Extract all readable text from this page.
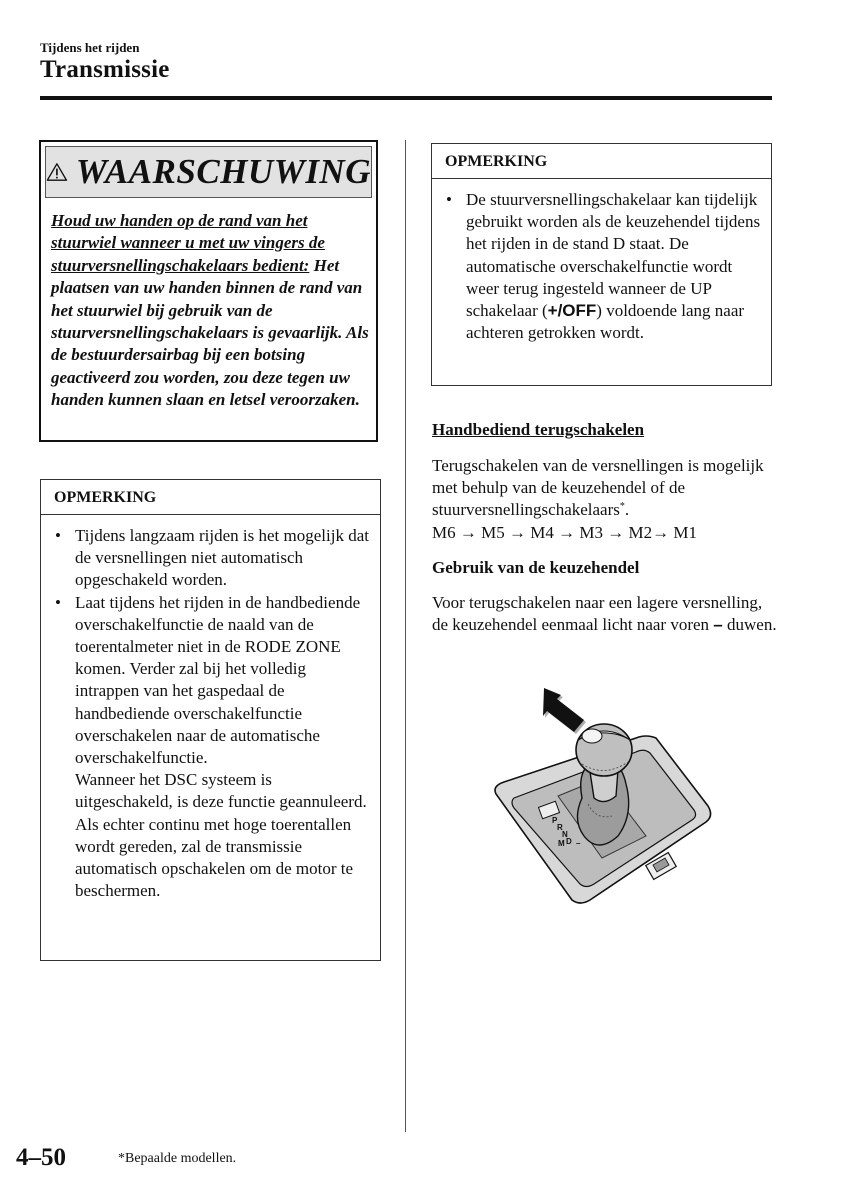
Tijdens het rijden
Transmissie
WAARSCHUWING
Houd uw handen op de rand van het stuurwiel wanneer u met uw vingers de stuurversnellingschakelaars bedient: Het plaatsen van uw handen binnen de rand van het stuurwiel bij gebruik van de stuurversnellingschakelaars is gevaarlijk. Als de bestuurdersairbag bij een botsing geactiveerd zou worden, zou deze tegen uw handen kunnen slaan en letsel veroorzaken.
OPMERKING
• Tijdens langzaam rijden is het mogelijk dat de versnellingen niet automatisch opgeschakeld worden.
• Laat tijdens het rijden in de handbediende overschakelfunctie de naald van de toerentalmeter niet in de RODE ZONE komen. Verder zal bij het volledig intrappen van het gaspedaal de handbediende overschakelfunctie overschakelen naar de automatische overschakelfunctie.
Wanneer het DSC systeem is uitgeschakeld, is deze functie geannuleerd. Als echter continu met hoge toerentallen wordt gereden, zal de transmissie automatisch opschakelen om de motor te beschermen.
OPMERKING
• De stuurversnellingschakelaar kan tijdelijk gebruikt worden als de keuzehendel tijdens het rijden in de stand D staat. De automatische overschakelfunctie wordt weer terug ingesteld wanneer de UP schakelaar (+/OFF) voldoende lang naar achteren getrokken wordt.
Handbediend terugschakelen
Terugschakelen van de versnellingen is mogelijk met behulp van de keuzehendel of de stuurversnellingschakelaars*.
M6 → M5 → M4 → M3 → M2→ M1
Gebruik van de keuzehendel
Voor terugschakelen naar een lagere versnelling, de keuzehendel eenmaal licht naar voren – duwen.
P
R
N
D
M –
4–50	*Bepaalde modellen.
